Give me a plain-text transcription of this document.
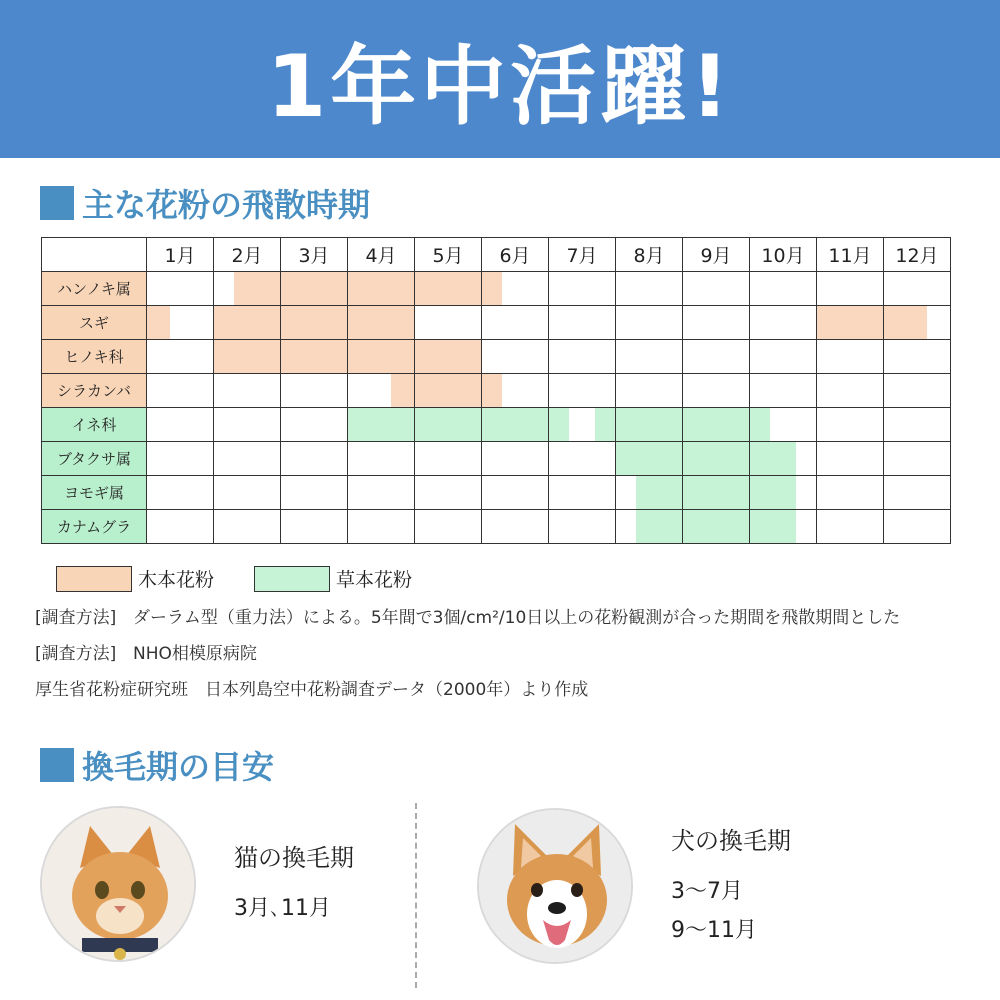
1年中活躍!
主な花粉の飛散時期
	1月	2月	3月	4月	5月	6月	7月	8月	9月	10月	11月	12月
ハンノキ属		

スギ	

ヒノキ科		

シラカンバ				

イネ科				

ブタクサ属								

ヨモギ属								

カナムグラ								

木本花粉	草本花粉
[調査方法] ダーラム型（重力法）による。5年間で3個/cm²/10日以上の花粉観測が合った期間を飛散期間とした
[調査方法] NHO相模原病院
厚生省花粉症研究班　日本列島空中花粉調査データ（2000年）より作成
換毛期の目安
猫の換毛期
3月､11月
犬の換毛期
3～7月
9～11月
